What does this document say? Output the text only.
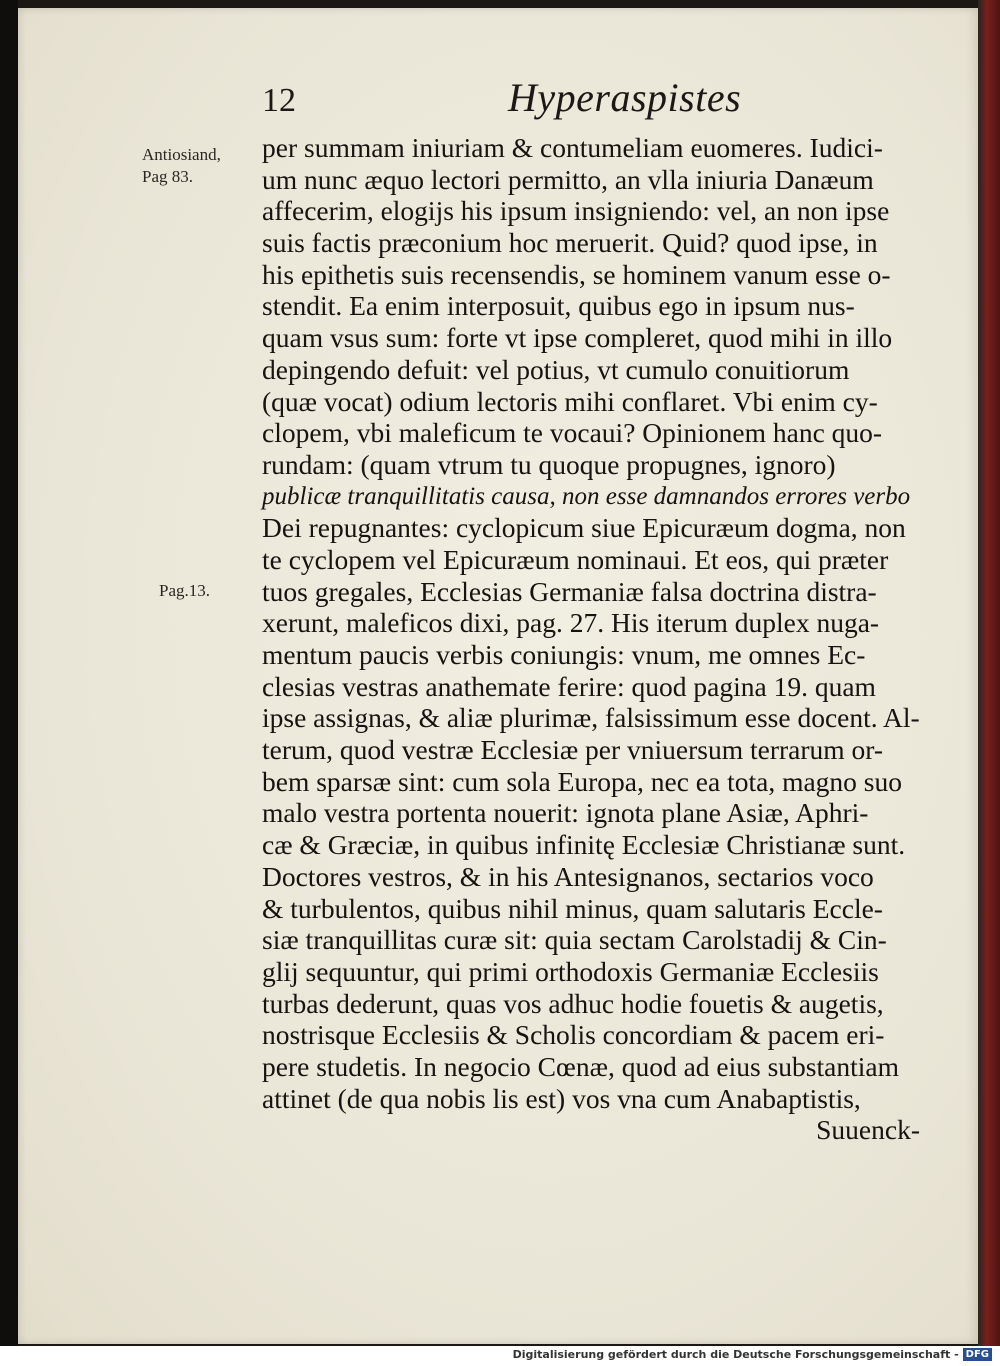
12	Hyperaspistes
Antiosiand,
Pag 83.
Pag.13.
per summam iniuriam & contumeliam euomeres. Iudici-
um nunc æquo lectori permitto, an vlla iniuria Danæum
affecerim, elogijs his ipsum insigniendo: vel, an non ipse
suis factis præconium hoc meruerit. Quid? quod ipse, in
his epithetis suis recensendis, se hominem vanum esse o-
stendit. Ea enim interposuit, quibus ego in ipsum nus-
quam vsus sum: forte vt ipse compleret, quod mihi in illo
depingendo defuit: vel potius, vt cumulo conuitiorum
(quæ vocat) odium lectoris mihi conflaret. Vbi enim cy-
clopem, vbi maleficum te vocaui? Opinionem hanc quo-
rundam: (quam vtrum tu quoque propugnes, ignoro)
publicæ tranquillitatis causa, non esse damnandos errores verbo
Dei repugnantes: cyclopicum siue Epicuræum dogma, non
te cyclopem vel Epicuræum nominaui. Et eos, qui præter
tuos gregales, Ecclesias Germaniæ falsa doctrina distra-
xerunt, maleficos dixi, pag. 27. His iterum duplex nuga-
mentum paucis verbis coniungis: vnum, me omnes Ec-
clesias vestras anathemate ferire: quod pagina 19. quam
ipse assignas, & aliæ plurimæ, falsissimum esse docent. Al-
terum, quod vestræ Ecclesiæ per vniuersum terrarum or-
bem sparsæ sint: cum sola Europa, nec ea tota, magno suo
malo vestra portenta nouerit: ignota plane Asiæ, Aphri-
cæ & Græciæ, in quibus infinitę Ecclesiæ Christianæ sunt.
Doctores vestros, & in his Antesignanos, sectarios voco
& turbulentos, quibus nihil minus, quam salutaris Eccle-
siæ tranquillitas curæ sit: quia sectam Carolstadij & Cin-
glij sequuntur, qui primi orthodoxis Germaniæ Ecclesiis
turbas dederunt, quas vos adhuc hodie fouetis & augetis,
nostrisque Ecclesiis & Scholis concordiam & pacem eri-
pere studetis. In negocio Cœnæ, quod ad eius substantiam
attinet (de qua nobis lis est) vos vna cum Anabaptistis,
Suuenck-
Digitalisierung gefördert durch die Deutsche Forschungsgemeinschaft - DFG
